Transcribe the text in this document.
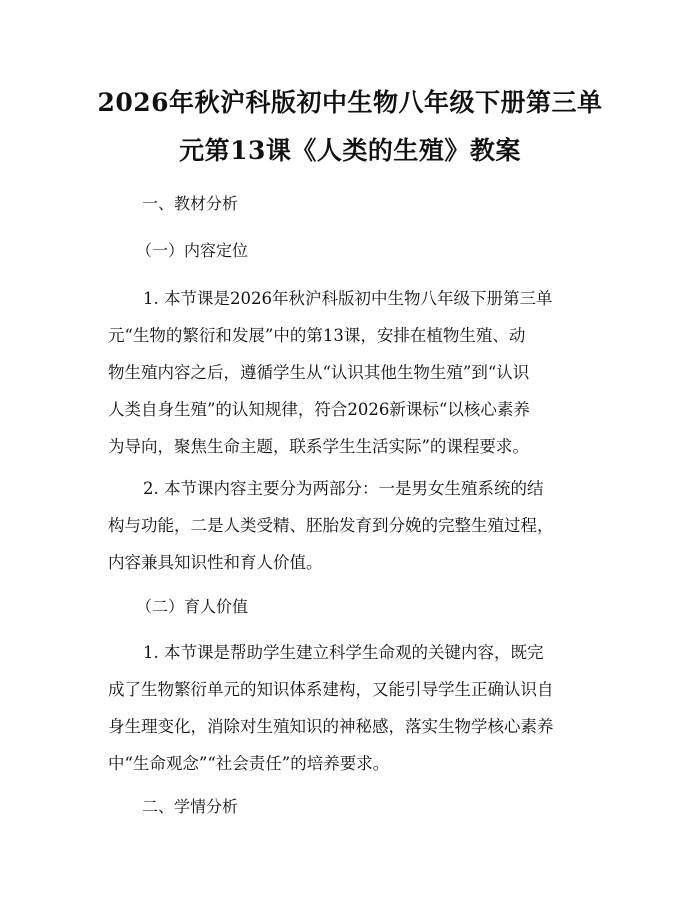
2026年秋沪科版初中生物八年级下册第三单
元第13课《人类的生殖》教案
一、教材分析
（一）内容定位
1. 本节课是2026年秋沪科版初中生物八年级下册第三单
元“生物的繁衍和发展”中的第13课，安排在植物生殖、动
物生殖内容之后，遵循学生从“认识其他生物生殖”到“认识
人类自身生殖”的认知规律，符合2026新课标“以核心素养
为导向，聚焦生命主题，联系学生生活实际”的课程要求。
2. 本节课内容主要分为两部分：一是男女生殖系统的结
构与功能，二是人类受精、胚胎发育到分娩的完整生殖过程，
内容兼具知识性和育人价值。
（二）育人价值
1. 本节课是帮助学生建立科学生命观的关键内容，既完
成了生物繁衍单元的知识体系建构，又能引导学生正确认识自
身生理变化，消除对生殖知识的神秘感，落实生物学核心素养
中“生命观念”“社会责任”的培养要求。
二、学情分析
